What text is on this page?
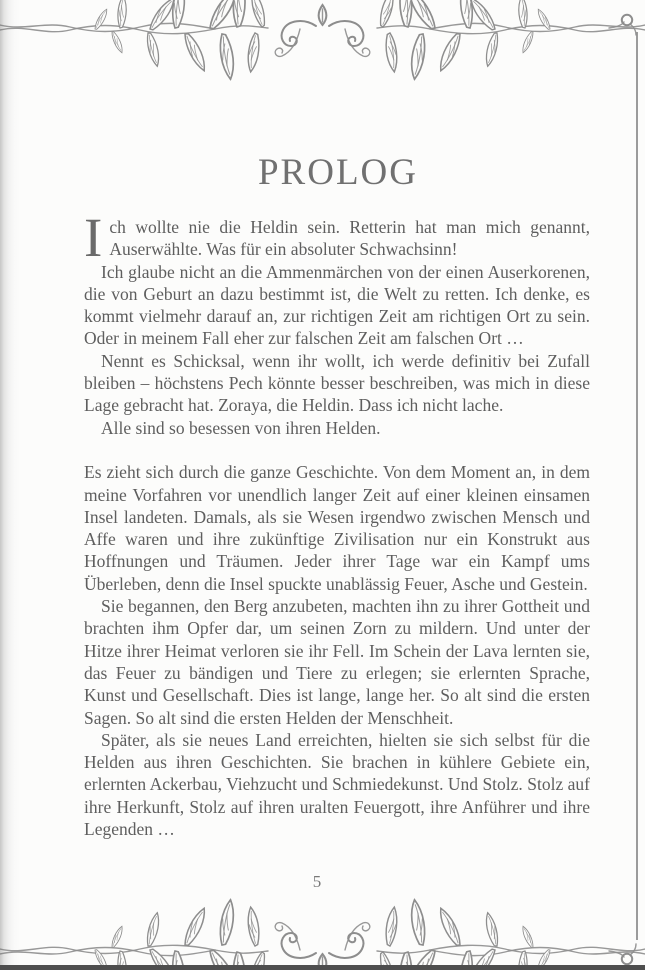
PROLOG

Ich wollte nie die Heldin sein. Retterin hat man mich genannt, Auserwählte. Was für ein absoluter Schwachsinn!

Ich glaube nicht an die Ammenmärchen von der einen Auserkorenen, die von Geburt an dazu bestimmt ist, die Welt zu retten. Ich denke, es kommt vielmehr darauf an, zur richtigen Zeit am richtigen Ort zu sein. Oder in meinem Fall eher zur falschen Zeit am falschen Ort …

Nennt es Schicksal, wenn ihr wollt, ich werde definitiv bei Zufall bleiben – höchstens Pech könnte besser beschreiben, was mich in diese Lage gebracht hat. Zoraya, die Heldin. Dass ich nicht lache.

Alle sind so besessen von ihren Helden.

Es zieht sich durch die ganze Geschichte. Von dem Moment an, in dem meine Vorfahren vor unendlich langer Zeit auf einer kleinen einsamen Insel landeten. Damals, als sie Wesen irgendwo zwischen Mensch und Affe waren und ihre zukünftige Zivilisation nur ein Konstrukt aus Hoffnungen und Träumen. Jeder ihrer Tage war ein Kampf ums Überleben, denn die Insel spuckte unablässig Feuer, Asche und Gestein.

Sie begannen, den Berg anzubeten, machten ihn zu ihrer Gottheit und brachten ihm Opfer dar, um seinen Zorn zu mildern. Und unter der Hitze ihrer Heimat verloren sie ihr Fell. Im Schein der Lava lernten sie, das Feuer zu bändigen und Tiere zu erlegen; sie erlernten Sprache, Kunst und Gesellschaft. Dies ist lange, lange her. So alt sind die ersten Sagen. So alt sind die ersten Helden der Menschheit.

Später, als sie neues Land erreichten, hielten sie sich selbst für die Helden aus ihren Geschichten. Sie brachen in kühlere Gebiete ein, erlernten Ackerbau, Viehzucht und Schmiedekunst. Und Stolz. Stolz auf ihre Herkunft, Stolz auf ihren uralten Feuergott, ihre Anführer und ihre Legenden …

5
